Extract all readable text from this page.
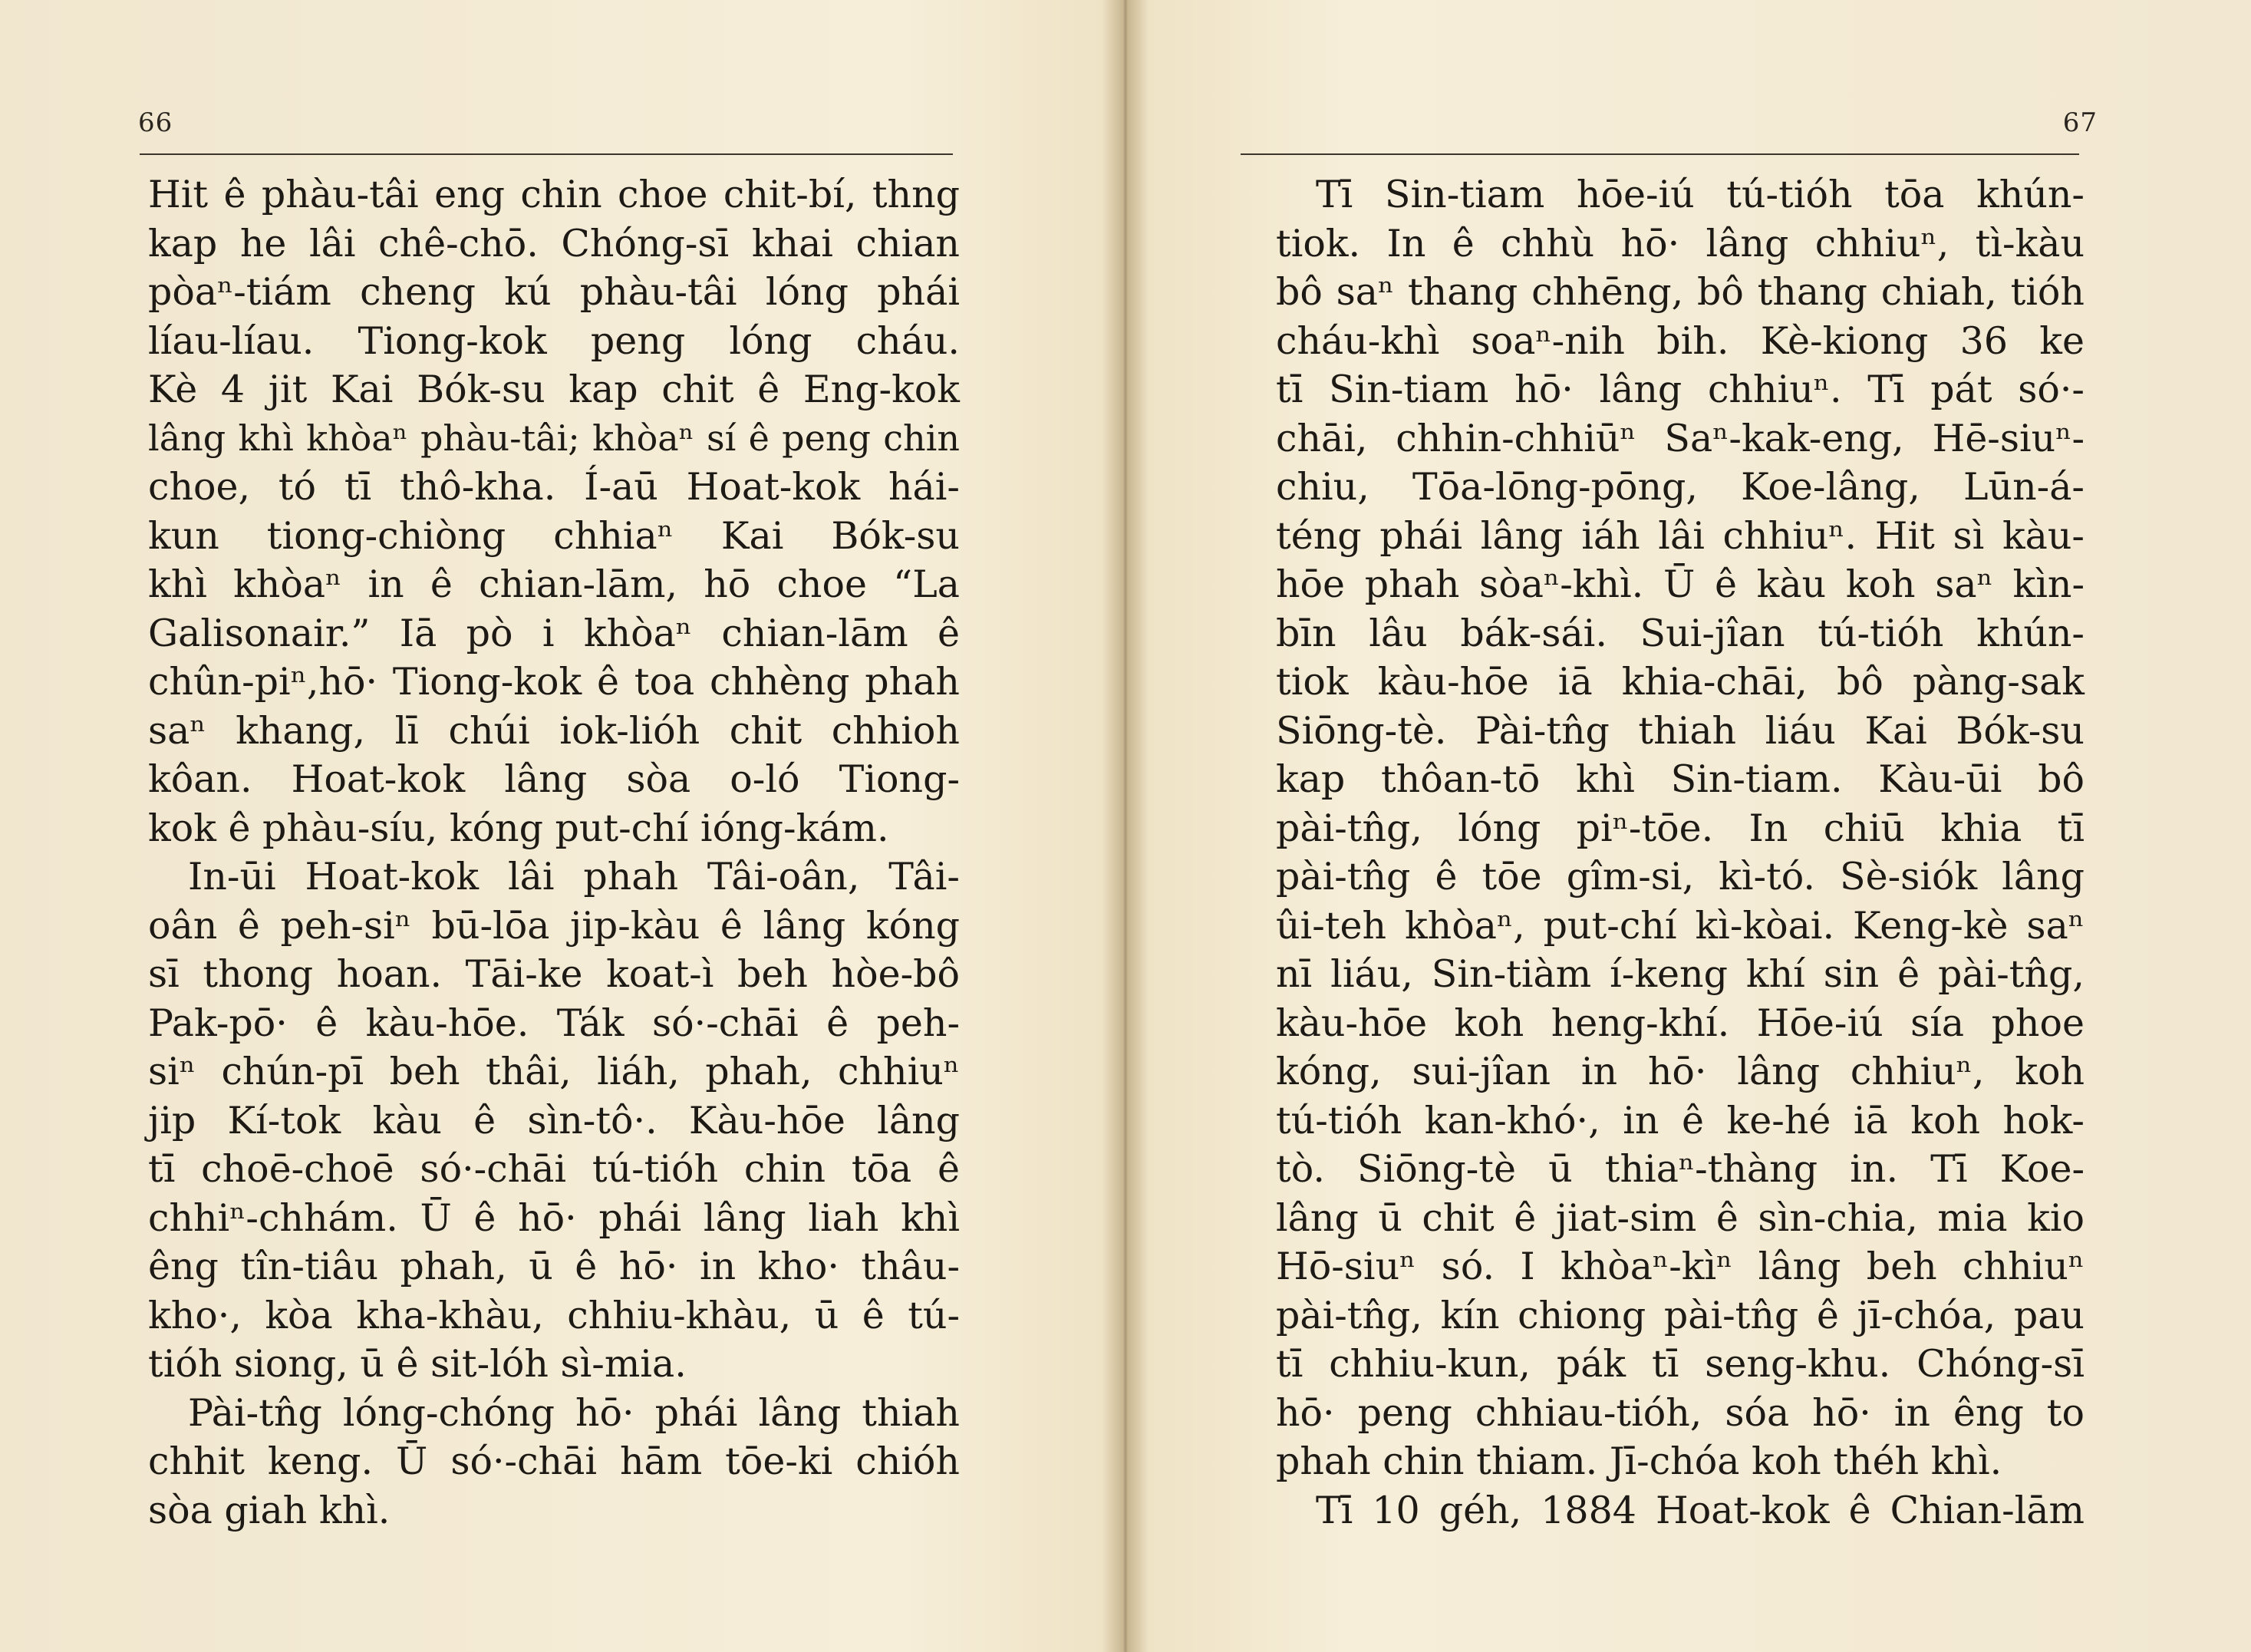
66
Hit ê phàu-tâi eng chin choe chit-bí, thng
kap he lâi chê-chō. Chóng-sī khai chian
pòaⁿ-tiám cheng kú phàu-tâi lóng phái
líau-líau. Tiong-kok peng lóng cháu.
Kè 4 jit Kai Bók-su kap chit ê Eng-kok
lâng khì khòaⁿ phàu-tâi; khòaⁿ sí ê peng chin
choe, tó tī thô-kha. Í-aū Hoat-kok hái-
kun tiong-chiòng chhiaⁿ Kai Bók-su
khì khòaⁿ in ê chian-lām, hō choe “La
Galisonair.” Iā pò i khòaⁿ chian-lām ê
chûn-piⁿ,hō· Tiong-kok ê toa chhèng phah
saⁿ khang, lī chúi iok-lióh chit chhioh
kôan. Hoat-kok lâng sòa o-ló Tiong-
kok ê phàu-síu, kóng put-chí ióng-kám.
In-ūi Hoat-kok lâi phah Tâi-oân, Tâi-
oân ê peh-siⁿ bū-lōa jip-kàu ê lâng kóng
sī thong hoan. Tāi-ke koat-ì beh hòe-bô
Pak-pō· ê kàu-hōe. Ták só·-chāi ê peh-
siⁿ chún-pī beh thâi, liáh, phah, chhiuⁿ
jip Kí-tok kàu ê sìn-tô·. Kàu-hōe lâng
tī choē-choē só·-chāi tú-tióh chin tōa ê
chhiⁿ-chhám. Ū ê hō· phái lâng liah khì
êng tîn-tiâu phah, ū ê hō· in kho· thâu-
kho·, kòa kha-khàu, chhiu-khàu, ū ê tú-
tióh siong, ū ê sit-lóh sì-mia.
Pài-tn̂g lóng-chóng hō· phái lâng thiah
chhit keng. Ū só·-chāi hām tōe-ki chióh
sòa giah khì.
67
Tī Sin-tiam hōe-iú tú-tióh tōa khún-
tiok. In ê chhù hō· lâng chhiuⁿ, tì-kàu
bô saⁿ thang chhēng, bô thang chiah, tióh
cháu-khì soaⁿ-nih bih. Kè-kiong 36 ke
tī Sin-tiam hō· lâng chhiuⁿ. Tī pát só·-
chāi, chhin-chhiūⁿ Saⁿ-kak-eng, Hē-siuⁿ-
chiu, Tōa-lōng-pōng, Koe-lâng, Lūn-á-
téng phái lâng iáh lâi chhiuⁿ. Hit sì kàu-
hōe phah sòaⁿ-khì. Ū ê kàu koh saⁿ kìn-
bīn lâu bák-sái. Sui-jîan tú-tióh khún-
tiok kàu-hōe iā khia-chāi, bô pàng-sak
Siōng-tè. Pài-tn̂g thiah liáu Kai Bók-su
kap thôan-tō khì Sin-tiam. Kàu-ūi bô
pài-tn̂g, lóng piⁿ-tōe. In chiū khia tī
pài-tn̂g ê tōe gîm-si, kì-tó. Sè-siók lâng
ûi-teh khòaⁿ, put-chí kì-kòai. Keng-kè saⁿ
nī liáu, Sin-tiàm í-keng khí sin ê pài-tn̂g,
kàu-hōe koh heng-khí. Hōe-iú sía phoe
kóng, sui-jîan in hō· lâng chhiuⁿ, koh
tú-tióh kan-khó·, in ê ke-hé iā koh hok-
tò. Siōng-tè ū thiaⁿ-thàng in. Tī Koe-
lâng ū chit ê jiat-sim ê sìn-chia, mia kio
Hō-siuⁿ só. I khòaⁿ-kìⁿ lâng beh chhiuⁿ
pài-tn̂g, kín chiong pài-tn̂g ê jī-chóa, pau
tī chhiu-kun, pák tī seng-khu. Chóng-sī
hō· peng chhiau-tióh, sóa hō· in êng to
phah chin thiam. Jī-chóa koh théh khì.
Tī 10 géh, 1884 Hoat-kok ê Chian-lām
